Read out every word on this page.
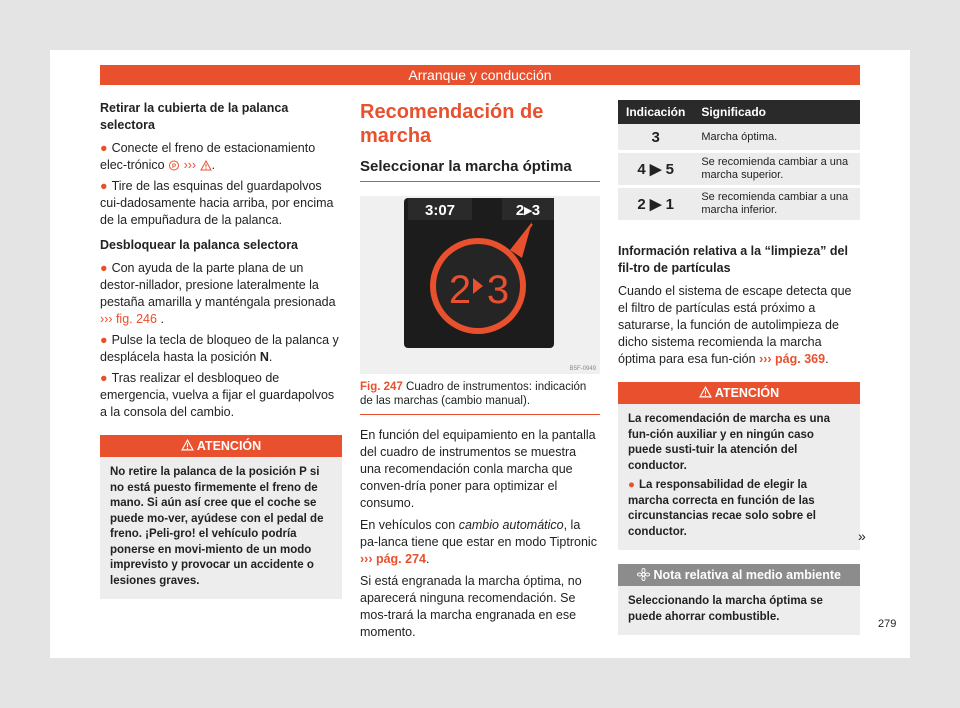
Arranque y conducción
Retirar la cubierta de la palanca selectora

● Conecte el freno de estacionamiento elec-trónico P ››› .

● Tire de las esquinas del guardapolvos cui-dadosamente hacia arriba, por encima de la empuñadura de la palanca.

Desbloquear la palanca selectora

● Con ayuda de la parte plana de un destor-nillador, presione lateralmente la pestaña amarilla y manténgala presionada
››› fig. 246 .

● Pulse la tecla de bloqueo de la palanca y desplácela hasta la posición N.

● Tras realizar el desbloqueo de emergencia, vuelva a fijar el guardapolvos a la consola del cambio.

ATENCIÓN
No retire la palanca de la posición P si no está puesto firmemente el freno de mano. Si aún así cree que el coche se puede mo-ver, ayúdese con el pedal de freno. ¡Peli-gro! el vehículo podría ponerse en movi-miento de un modo imprevisto y provocar un accidente o lesiones graves.
Recomendación de marcha
Seleccionar la marcha óptima
3:07	2▸3
2 3
B5F-0949
Fig. 247 Cuadro de instrumentos: indicación de las marchas (cambio manual).

En función del equipamiento en la pantalla del cuadro de instrumentos se muestra una recomendación conla marcha que conven-dría poner para optimizar el consumo.

En vehículos con cambio automático, la pa-lanca tiene que estar en modo Tiptronic
››› pág. 274.

Si está engranada la marcha óptima, no aparecerá ninguna recomendación. Se mos-trará la marcha engranada en ese momento.

Indicación	Significado
3	Marcha óptima.
4 ▶ 5	Se recomienda cambiar a una marcha superior.
2 ▶ 1	Se recomienda cambiar a una marcha inferior.
Información relativa a la “limpieza” del fil-tro de partículas

Cuando el sistema de escape detecta que el filtro de partículas está próximo a saturarse, la función de autolimpieza de dicho sistema recomienda la marcha óptima para esa fun-ción ››› pág. 369.

ATENCIÓN

La recomendación de marcha es una fun-ción auxiliar y en ningún caso puede susti-tuir la atención del conductor.

● La responsabilidad de elegir la marcha correcta en función de las circunstancias recae solo sobre el conductor.

Nota relativa al medio ambiente
Seleccionando la marcha óptima se puede ahorrar combustible.
»
279
